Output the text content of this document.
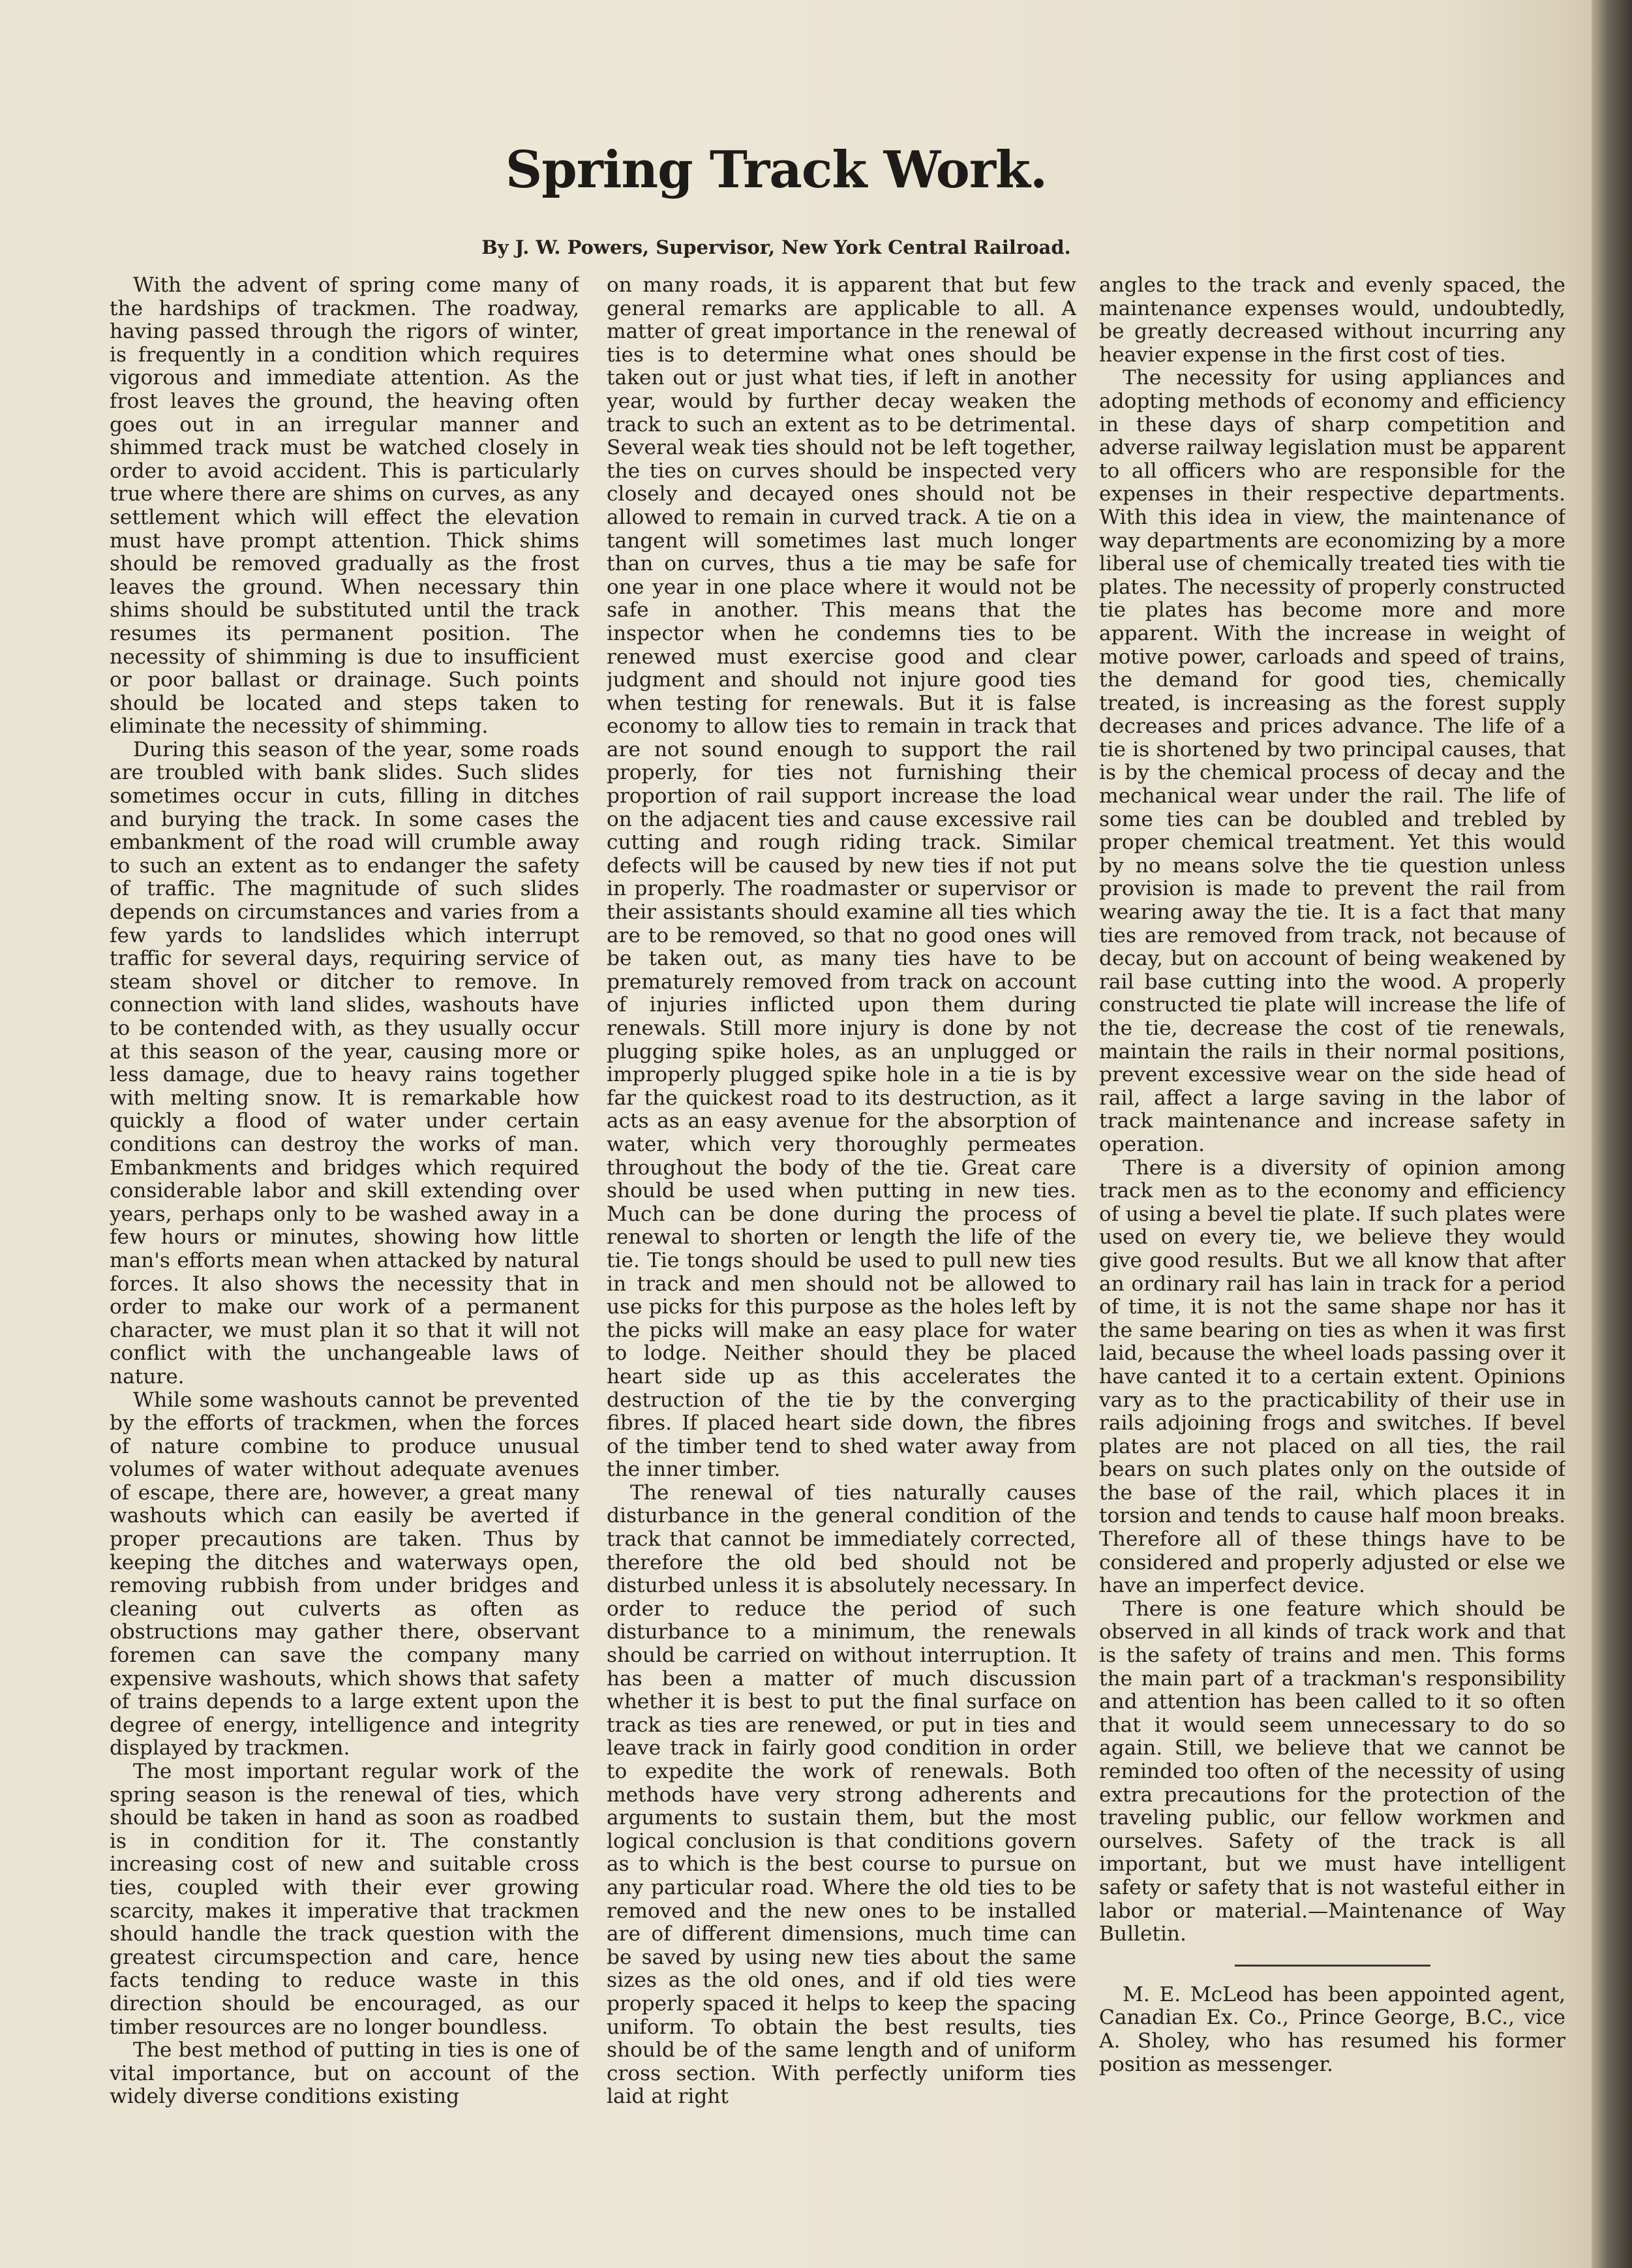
Spring Track Work.
By J. W. Powers, Supervisor, New York Central Railroad.

With the advent of spring come many of the hardships of trackmen. The roadway, having passed through the rigors of winter, is frequently in a condition which requires vigorous and immediate attention. As the frost leaves the ground, the heaving often goes out in an irregular manner and shimmed track must be watched closely in order to avoid accident. This is particularly true where there are shims on curves, as any settlement which will effect the elevation must have prompt attention. Thick shims should be removed gradually as the frost leaves the ground. When necessary thin shims should be substituted until the track resumes its permanent position. The necessity of shimming is due to insufficient or poor ballast or drainage. Such points should be located and steps taken to eliminate the necessity of shimming.

During this season of the year, some roads are troubled with bank slides. Such slides sometimes occur in cuts, filling in ditches and burying the track. In some cases the embankment of the road will crumble away to such an extent as to endanger the safety of traffic. The magnitude of such slides depends on circumstances and varies from a few yards to landslides which interrupt traffic for several days, requiring service of steam shovel or ditcher to remove. In connection with land slides, washouts have to be contended with, as they usually occur at this season of the year, causing more or less damage, due to heavy rains together with melting snow. It is remarkable how quickly a flood of water under certain conditions can destroy the works of man. Embankments and bridges which required considerable labor and skill extending over years, perhaps only to be washed away in a few hours or minutes, showing how little man's efforts mean when attacked by natural forces. It also shows the necessity that in order to make our work of a permanent character, we must plan it so that it will not conflict with the unchangeable laws of nature.

While some washouts cannot be prevented by the efforts of trackmen, when the forces of nature combine to produce unusual volumes of water without adequate avenues of escape, there are, however, a great many washouts which can easily be averted if proper precautions are taken. Thus by keeping the ditches and waterways open, removing rubbish from under bridges and cleaning out culverts as often as obstructions may gather there, observant foremen can save the company many expensive washouts, which shows that safety of trains depends to a large extent upon the degree of energy, intelligence and integrity displayed by trackmen.

The most important regular work of the spring season is the renewal of ties, which should be taken in hand as soon as roadbed is in condition for it. The constantly increasing cost of new and suitable cross ties, coupled with their ever growing scarcity, makes it imperative that trackmen should handle the track question with the greatest circumspection and care, hence facts tending to reduce waste in this direction should be encouraged, as our timber resources are no longer boundless.

The best method of putting in ties is one of vital importance, but on account of the widely diverse conditions existing

on many roads, it is apparent that but few general remarks are applicable to all. A matter of great importance in the renewal of ties is to determine what ones should be taken out or just what ties, if left in another year, would by further decay weaken the track to such an extent as to be detrimental. Several weak ties should not be left together, the ties on curves should be inspected very closely and decayed ones should not be allowed to remain in curved track. A tie on a tangent will sometimes last much longer than on curves, thus a tie may be safe for one year in one place where it would not be safe in another. This means that the inspector when he condemns ties to be renewed must exercise good and clear judgment and should not injure good ties when testing for renewals. But it is false economy to allow ties to remain in track that are not sound enough to support the rail properly, for ties not furnishing their proportion of rail support increase the load on the adjacent ties and cause excessive rail cutting and rough riding track. Similar defects will be caused by new ties if not put in properly. The roadmaster or supervisor or their assistants should examine all ties which are to be removed, so that no good ones will be taken out, as many ties have to be prematurely removed from track on account of injuries inflicted upon them during renewals. Still more injury is done by not plugging spike holes, as an unplugged or improperly plugged spike hole in a tie is by far the quickest road to its destruction, as it acts as an easy avenue for the absorption of water, which very thoroughly permeates throughout the body of the tie. Great care should be used when putting in new ties. Much can be done during the process of renewal to shorten or length the life of the tie. Tie tongs should be used to pull new ties in track and men should not be allowed to use picks for this purpose as the holes left by the picks will make an easy place for water to lodge. Neither should they be placed heart side up as this accelerates the destruction of the tie by the converging fibres. If placed heart side down, the fibres of the timber tend to shed water away from the inner timber.

The renewal of ties naturally causes disturbance in the general condition of the track that cannot be immediately corrected, therefore the old bed should not be disturbed unless it is absolutely necessary. In order to reduce the period of such disturbance to a minimum, the renewals should be carried on without interruption. It has been a matter of much discussion whether it is best to put the final surface on track as ties are renewed, or put in ties and leave track in fairly good condition in order to expedite the work of renewals. Both methods have very strong adherents and arguments to sustain them, but the most logical conclusion is that conditions govern as to which is the best course to pursue on any particular road. Where the old ties to be removed and the new ones to be installed are of different dimensions, much time can be saved by using new ties about the same sizes as the old ones, and if old ties were properly spaced it helps to keep the spacing uniform. To obtain the best results, ties should be of the same length and of uniform cross section. With perfectly uniform ties laid at right

angles to the track and evenly spaced, the maintenance expenses would, undoubtedly, be greatly decreased without incurring any heavier expense in the first cost of ties.

The necessity for using appliances and adopting methods of economy and efficiency in these days of sharp competition and adverse railway legislation must be apparent to all officers who are responsible for the expenses in their respective departments. With this idea in view, the maintenance of way departments are economizing by a more liberal use of chemically treated ties with tie plates. The necessity of properly constructed tie plates has become more and more apparent. With the increase in weight of motive power, carloads and speed of trains, the demand for good ties, chemically treated, is increasing as the forest supply decreases and prices advance. The life of a tie is shortened by two principal causes, that is by the chemical process of decay and the mechanical wear under the rail. The life of some ties can be doubled and trebled by proper chemical treatment. Yet this would by no means solve the tie question unless provision is made to prevent the rail from wearing away the tie. It is a fact that many ties are removed from track, not because of decay, but on account of being weakened by rail base cutting into the wood. A properly constructed tie plate will increase the life of the tie, decrease the cost of tie renewals, maintain the rails in their normal positions, prevent excessive wear on the side head of rail, affect a large saving in the labor of track maintenance and increase safety in operation.

There is a diversity of opinion among track men as to the economy and efficiency of using a bevel tie plate. If such plates were used on every tie, we believe they would give good results. But we all know that after an ordinary rail has lain in track for a period of time, it is not the same shape nor has it the same bearing on ties as when it was first laid, because the wheel loads passing over it have canted it to a certain extent. Opinions vary as to the practicability of their use in rails adjoining frogs and switches. If bevel plates are not placed on all ties, the rail bears on such plates only on the outside of the base of the rail, which places it in torsion and tends to cause half moon breaks. Therefore all of these things have to be considered and properly adjusted or else we have an imperfect device.

There is one feature which should be observed in all kinds of track work and that is the safety of trains and men. This forms the main part of a trackman's responsibility and attention has been called to it so often that it would seem unnecessary to do so again. Still, we believe that we cannot be reminded too often of the necessity of using extra precautions for the protection of the traveling public, our fellow workmen and ourselves. Safety of the track is all important, but we must have intelligent safety or safety that is not wasteful either in labor or material.—Maintenance of Way Bulletin.

M. E. McLeod has been appointed agent, Canadian Ex. Co., Prince George, B.C., vice A. Sholey, who has resumed his former position as messenger.
